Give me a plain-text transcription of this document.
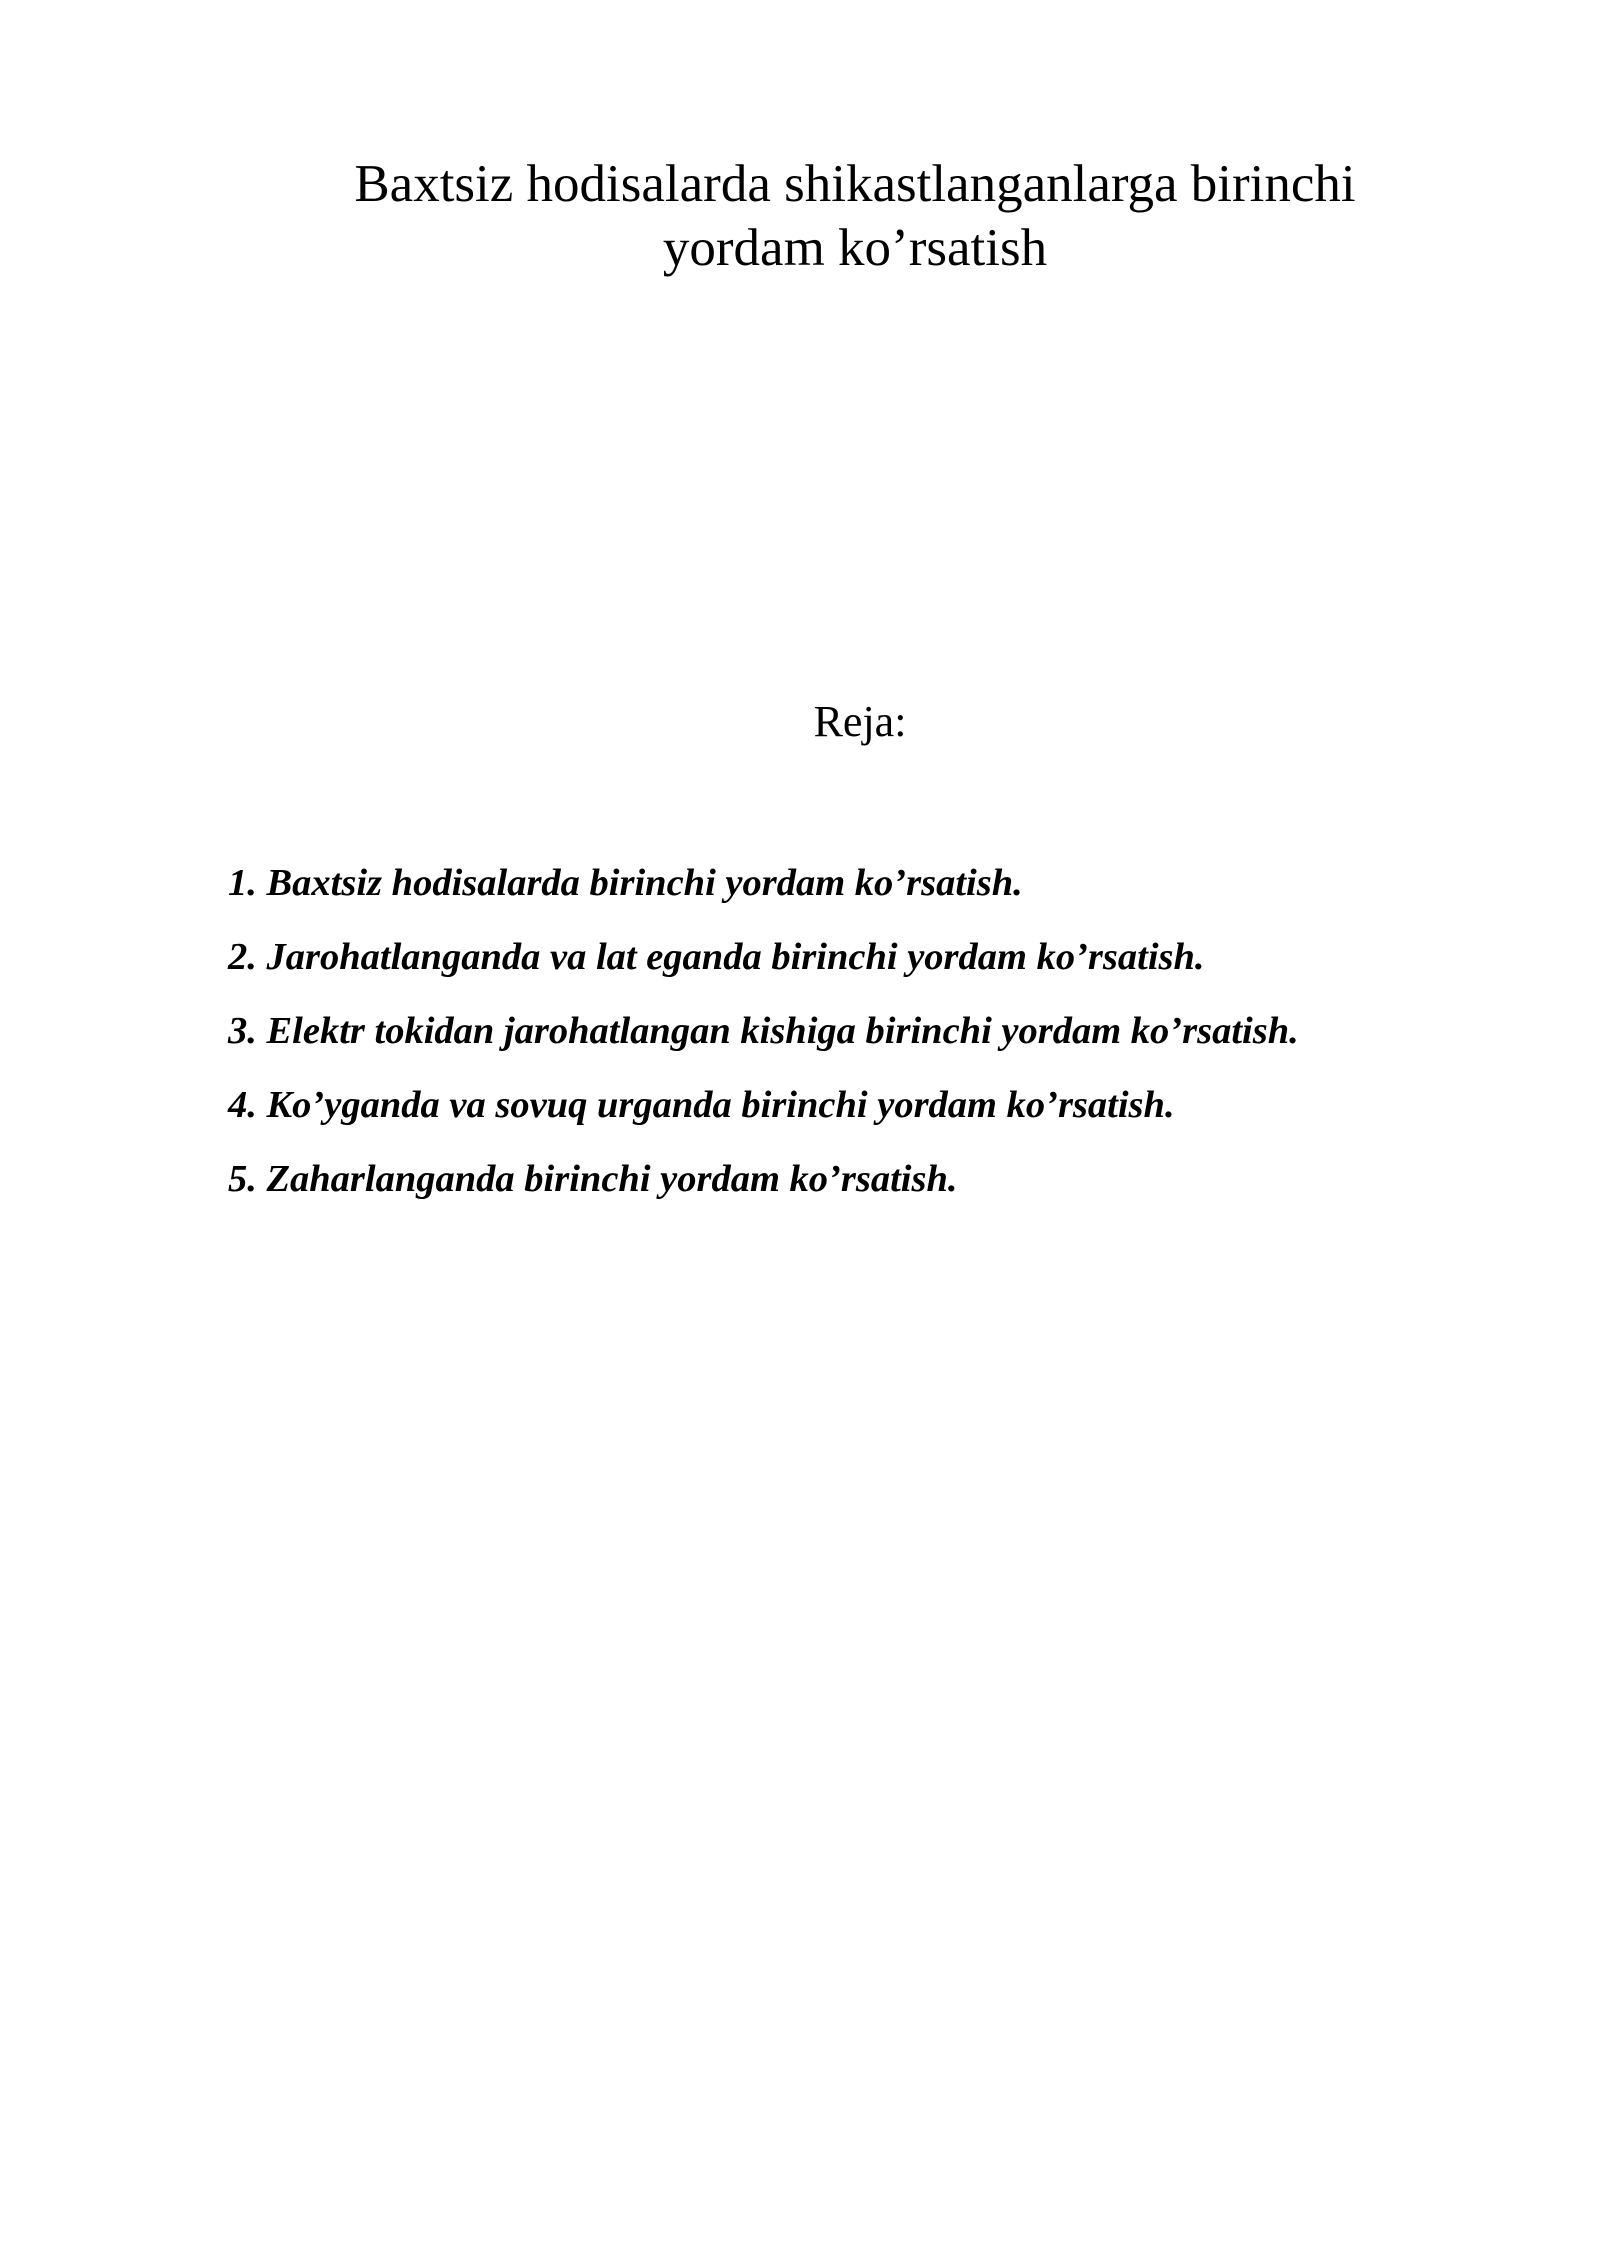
Baxtsiz hodisalarda shikastlanganlarga birinchi
yordam ko’rsatish
Reja:
1. Baxtsiz hodisalarda birinchi yordam ko’rsatish.
2. Jarohatlanganda va lat eganda birinchi yordam ko’rsatish.
3. Elektr tokidan jarohatlangan kishiga birinchi yordam ko’rsatish.
4. Ko’yganda va sovuq urganda birinchi yordam ko’rsatish.
5. Zaharlanganda birinchi yordam ko’rsatish.
